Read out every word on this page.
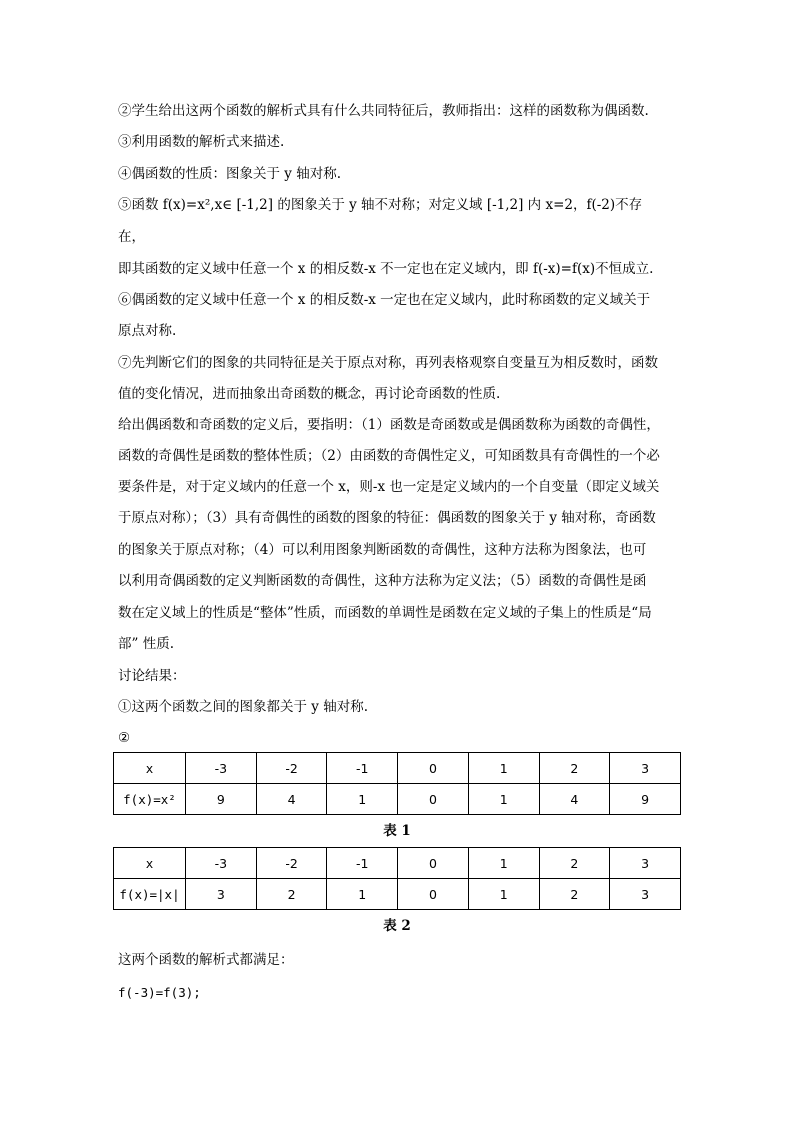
②学生给出这两个函数的解析式具有什么共同特征后，教师指出：这样的函数称为偶函数.
③利用函数的解析式来描述.
④偶函数的性质：图象关于 y 轴对称.
⑤函数 f(x)=x²,x∈ [-1,2] 的图象关于 y 轴不对称；对定义域 [-1,2] 内 x=2，f(-2)不存
在，
即其函数的定义域中任意一个 x 的相反数-x 不一定也在定义域内，即 f(-x)=f(x)不恒成立.
⑥偶函数的定义域中任意一个 x 的相反数-x 一定也在定义域内，此时称函数的定义域关于
原点对称.
⑦先判断它们的图象的共同特征是关于原点对称，再列表格观察自变量互为相反数时，函数
值的变化情况，进而抽象出奇函数的概念，再讨论奇函数的性质.
给出偶函数和奇函数的定义后，要指明：（1）函数是奇函数或是偶函数称为函数的奇偶性，
函数的奇偶性是函数的整体性质；（2）由函数的奇偶性定义，可知函数具有奇偶性的一个必
要条件是，对于定义域内的任意一个 x，则-x 也一定是定义域内的一个自变量（即定义域关
于原点对称）；（3）具有奇偶性的函数的图象的特征：偶函数的图象关于 y 轴对称，奇函数
的图象关于原点对称；（4）可以利用图象判断函数的奇偶性，这种方法称为图象法，也可
以利用奇偶函数的定义判断函数的奇偶性，这种方法称为定义法；（5）函数的奇偶性是函
数在定义域上的性质是“整体”性质，而函数的单调性是函数在定义域的子集上的性质是“局
部” 性质.
讨论结果：
①这两个函数之间的图象都关于 y 轴对称.
②
x	-3	-2	-1	0	1	2	3
f(x)=x²	9	4	1	0	1	4	9
表 1
x	-3	-2	-1	0	1	2	3
f(x)=|x|	3	2	1	0	1	2	3
表 2
这两个函数的解析式都满足：
f(-3)=f(3);
